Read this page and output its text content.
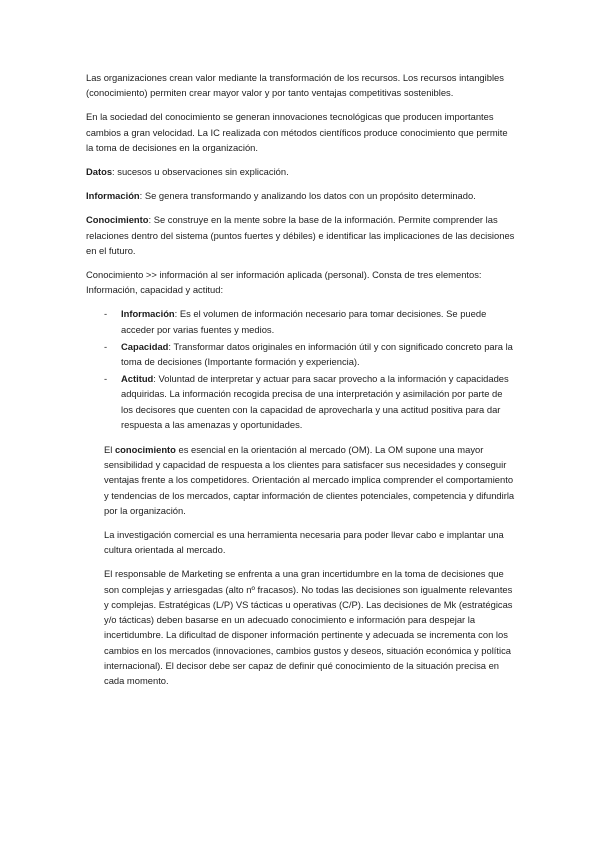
Las organizaciones crean valor mediante la transformación de los recursos. Los recursos intangibles (conocimiento) permiten crear mayor valor y por tanto ventajas competitivas sostenibles.

En la sociedad del conocimiento se generan innovaciones tecnológicas que producen importantes cambios a gran velocidad. La IC realizada con métodos científicos produce conocimiento que permite la toma de decisiones en la organización.

Datos: sucesos u observaciones sin explicación.

Información: Se genera transformando y analizando los datos con un propósito determinado.

Conocimiento: Se construye en la mente sobre la base de la información. Permite comprender las relaciones dentro del sistema (puntos fuertes y débiles) e identificar las implicaciones de las decisiones en el futuro.

Conocimiento >> información al ser información aplicada (personal). Consta de tres elementos: Información, capacidad y actitud:

- Información: Es el volumen de información necesario para tomar decisiones. Se puede acceder por varias fuentes y medios.
- Capacidad: Transformar datos originales en información útil y con significado concreto para la toma de decisiones (Importante formación y experiencia).
- Actitud: Voluntad de interpretar y actuar para sacar provecho a la información y capacidades adquiridas. La información recogida precisa de una interpretación y asimilación por parte de los decisores que cuenten con la capacidad de aprovecharla y una actitud positiva para dar respuesta a las amenazas y oportunidades.

El conocimiento es esencial en la orientación al mercado (OM). La OM supone una mayor sensibilidad y capacidad de respuesta a los clientes para satisfacer sus necesidades y conseguir ventajas frente a los competidores. Orientación al mercado implica comprender el comportamiento y tendencias de los mercados, captar información de clientes potenciales, competencia y difundirla por la organización.

La investigación comercial es una herramienta necesaria para poder llevar cabo e implantar una cultura orientada al mercado.

El responsable de Marketing se enfrenta a una gran incertidumbre en la toma de decisiones que son complejas y arriesgadas (alto nº fracasos). No todas las decisiones son igualmente relevantes y complejas. Estratégicas (L/P) VS tácticas u operativas (C/P). Las decisiones de Mk (estratégicas y/o tácticas) deben basarse en un adecuado conocimiento e información para despejar la incertidumbre. La dificultad de disponer información pertinente y adecuada se incrementa con los cambios en los mercados (innovaciones, cambios gustos y deseos, situación económica y política internacional). El decisor debe ser capaz de definir qué conocimiento de la situación precisa en cada momento.
